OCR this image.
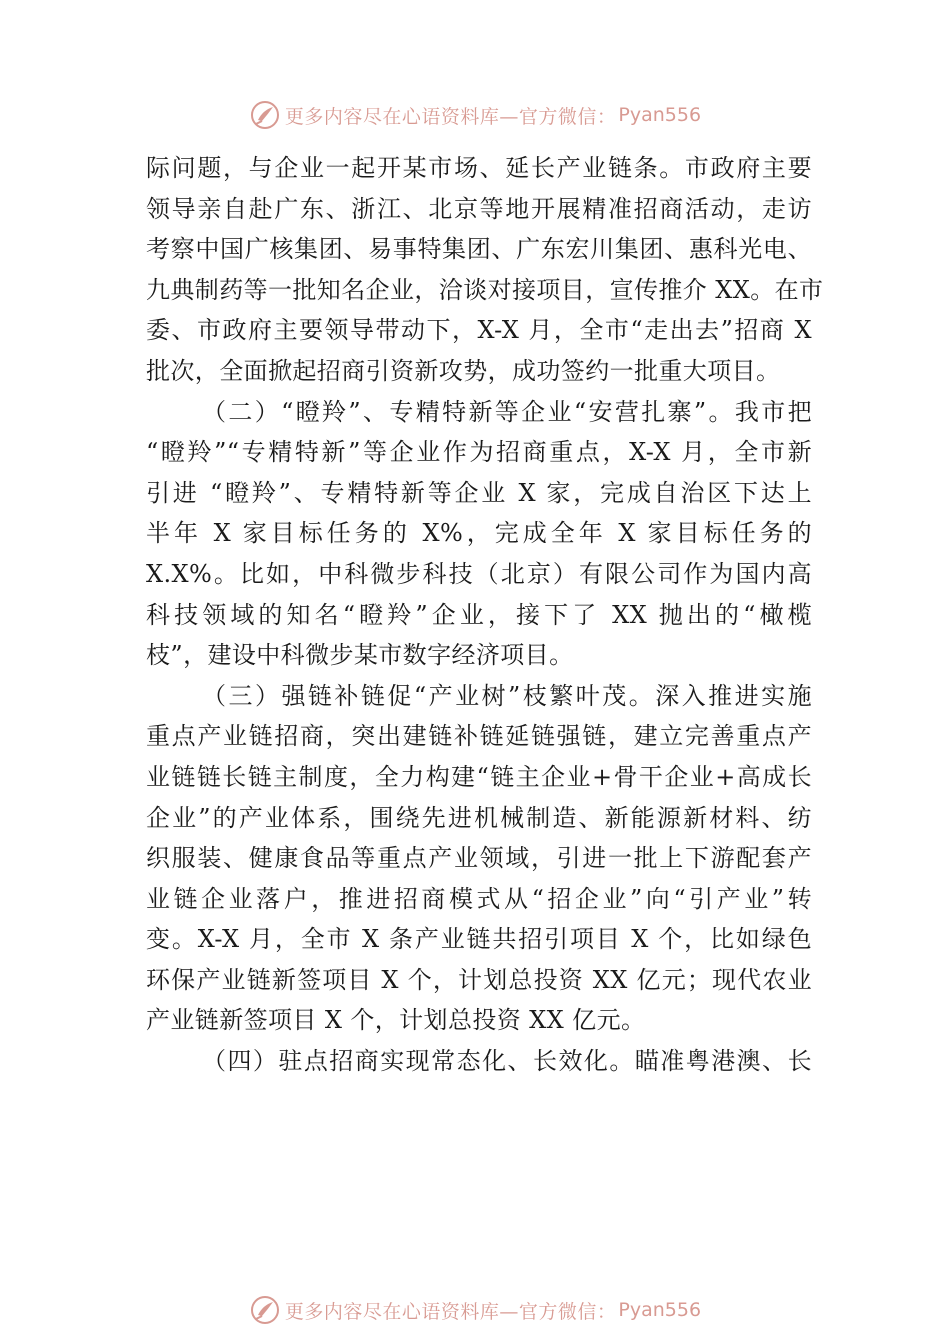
更多内容尽在心语资料库—官方微信： Pyan556
际问题，与企业一起开某市场、延长产业链条。市政府主要
领导亲自赴广东、浙江、北京等地开展精准招商活动，走访
考察中国广核集团、易事特集团、广东宏川集团、惠科光电、
九典制药等一批知名企业，洽谈对接项目，宣传推介 XX。在市
委、市政府主要领导带动下，X-X 月，全市“走出去”招商 X
批次，全面掀起招商引资新攻势，成功签约一批重大项目。
（二）“瞪羚”、专精特新等企业“安营扎寨”。我市把
“瞪羚”“专精特新”等企业作为招商重点，X-X 月，全市新
引进 “瞪羚”、专精特新等企业 X 家，完成自治区下达上
半年 X 家目标任务的 X%，完成全年 X 家目标任务的
X.X%。比如，中科微步科技（北京）有限公司作为国内高
科技领域的知名“瞪羚”企业，接下了 XX 抛出的“橄榄
枝”，建设中科微步某市数字经济项目。
（三）强链补链促“产业树”枝繁叶茂。深入推进实施
重点产业链招商，突出建链补链延链强链，建立完善重点产
业链链长链主制度，全力构建“链主企业+骨干企业+高成长
企业”的产业体系，围绕先进机械制造、新能源新材料、纺
织服装、健康食品等重点产业领域，引进一批上下游配套产
业链企业落户，推进招商模式从“招企业”向“引产业”转
变。X-X 月，全市 X 条产业链共招引项目 X 个，比如绿色
环保产业链新签项目 X 个，计划总投资 XX 亿元；现代农业
产业链新签项目 X 个，计划总投资 XX 亿元。
（四）驻点招商实现常态化、长效化。瞄准粤港澳、长
更多内容尽在心语资料库—官方微信： Pyan556
